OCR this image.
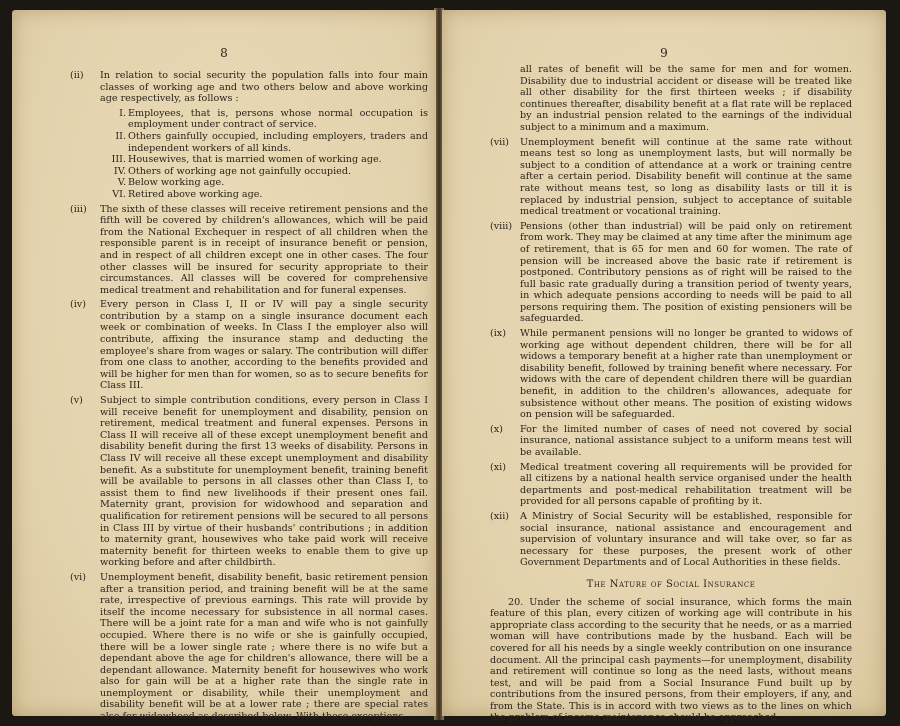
8
(ii)	In relation to social security the population falls into four main classes of working age and two others below and above working age respectively, as follows :
I. Employees, that is, persons whose normal occupation is employment under contract of service.
II. Others gainfully occupied, including employers, traders and independent workers of all kinds.
III. Housewives, that is married women of working age.
IV. Others of working age not gainfully occupied.
V. Below working age.
VI. Retired above working age.
(iii)	The sixth of these classes will receive retirement pensions and the fifth will be covered by children's allowances, which will be paid from the National Exchequer in respect of all children when the responsible parent is in receipt of insurance benefit or pension, and in respect of all children except one in other cases. The four other classes will be insured for security appropriate to their circumstances. All classes will be covered for comprehensive medical treatment and rehabilitation and for funeral expenses.
(iv)	Every person in Class I, II or IV will pay a single security contribution by a stamp on a single insurance document each week or combination of weeks. In Class I the employer also will contribute, affixing the insurance stamp and deducting the employee's share from wages or salary. The contribution will differ from one class to another, according to the benefits provided and will be higher for men than for women, so as to secure benefits for Class III.
(v)	Subject to simple contribution conditions, every person in Class I will receive benefit for unemployment and disability, pension on retirement, medical treatment and funeral expenses. Persons in Class II will receive all of these except unemployment benefit and disability benefit during the first 13 weeks of disability. Persons in Class IV will receive all these except unemployment and disability benefit. As a substitute for unemployment benefit, training benefit will be available to persons in all classes other than Class I, to assist them to find new livelihoods if their present ones fail. Maternity grant, provision for widowhood and separation and qualification for retirement pensions will be secured to all persons in Class III by virtue of their husbands' contributions ; in addition to maternity grant, housewives who take paid work will receive maternity benefit for thirteen weeks to enable them to give up working before and after childbirth.
(vi)	Unemployment benefit, disability benefit, basic retirement pension after a transition period, and training benefit will be at the same rate, irrespective of previous earnings. This rate will provide by itself the income necessary for subsistence in all normal cases. There will be a joint rate for a man and wife who is not gainfully occupied. Where there is no wife or she is gainfully occupied, there will be a lower single rate ; where there is no wife but a dependant above the age for children's allowance, there will be a dependant allowance. Maternity benefit for housewives who work also for gain will be at a higher rate than the single rate in unemployment or disability, while their unemployment and disability benefit will be at a lower rate ; there are special rates also for widowhood as described below. With these exceptions
9
all rates of benefit will be the same for men and for women. Disability due to industrial accident or disease will be treated like all other disability for the first thirteen weeks ; if disability continues thereafter, disability benefit at a flat rate will be replaced by an industrial pension related to the earnings of the individual subject to a minimum and a maximum.
(vii)	Unemployment benefit will continue at the same rate without means test so long as unemployment lasts, but will normally be subject to a condition of attendance at a work or training centre after a certain period. Disability benefit will continue at the same rate without means test, so long as disability lasts or till it is replaced by industrial pension, subject to acceptance of suitable medical treatment or vocational training.
(viii) Pensions (other than industrial) will be paid only on retirement from work. They may be claimed at any time after the minimum age of retirement, that is 65 for men and 60 for women. The rate of pension will be increased above the basic rate if retirement is postponed. Contributory pensions as of right will be raised to the full basic rate gradually during a transition period of twenty years, in which adequate pensions according to needs will be paid to all persons requiring them. The position of existing pensioners will be safeguarded.
(ix)	While permanent pensions will no longer be granted to widows of working age without dependent children, there will be for all widows a temporary benefit at a higher rate than unemployment or disability benefit, followed by training benefit where necessary. For widows with the care of dependent children there will be guardian benefit, in addition to the children's allowances, adequate for subsistence without other means. The position of existing widows on pension will be safeguarded.
(x)	For the limited number of cases of need not covered by social insurance, national assistance subject to a uniform means test will be available.
(xi)	Medical treatment covering all requirements will be provided for all citizens by a national health service organised under the health departments and post-medical rehabilitation treatment will be provided for all persons capable of profiting by it.
(xii)	A Ministry of Social Security will be established, responsible for social insurance, national assistance and encouragement and supervision of voluntary insurance and will take over, so far as necessary for these purposes, the present work of other Government Departments and of Local Authorities in these fields.
The Nature of Social Insurance

20. Under the scheme of social insurance, which forms the main feature of this plan, every citizen of working age will contribute in his appropriate class according to the security that he needs, or as a married woman will have contributions made by the husband. Each will be covered for all his needs by a single weekly contribution on one insurance document. All the principal cash payments—for unemployment, disability and retirement will continue so long as the need lasts, without means test, and will be paid from a Social Insurance Fund built up by contributions from the insured persons, from their employers, if any, and from the State. This is in accord with two views as to the lines on which the problem of income maintenance should be approached.
